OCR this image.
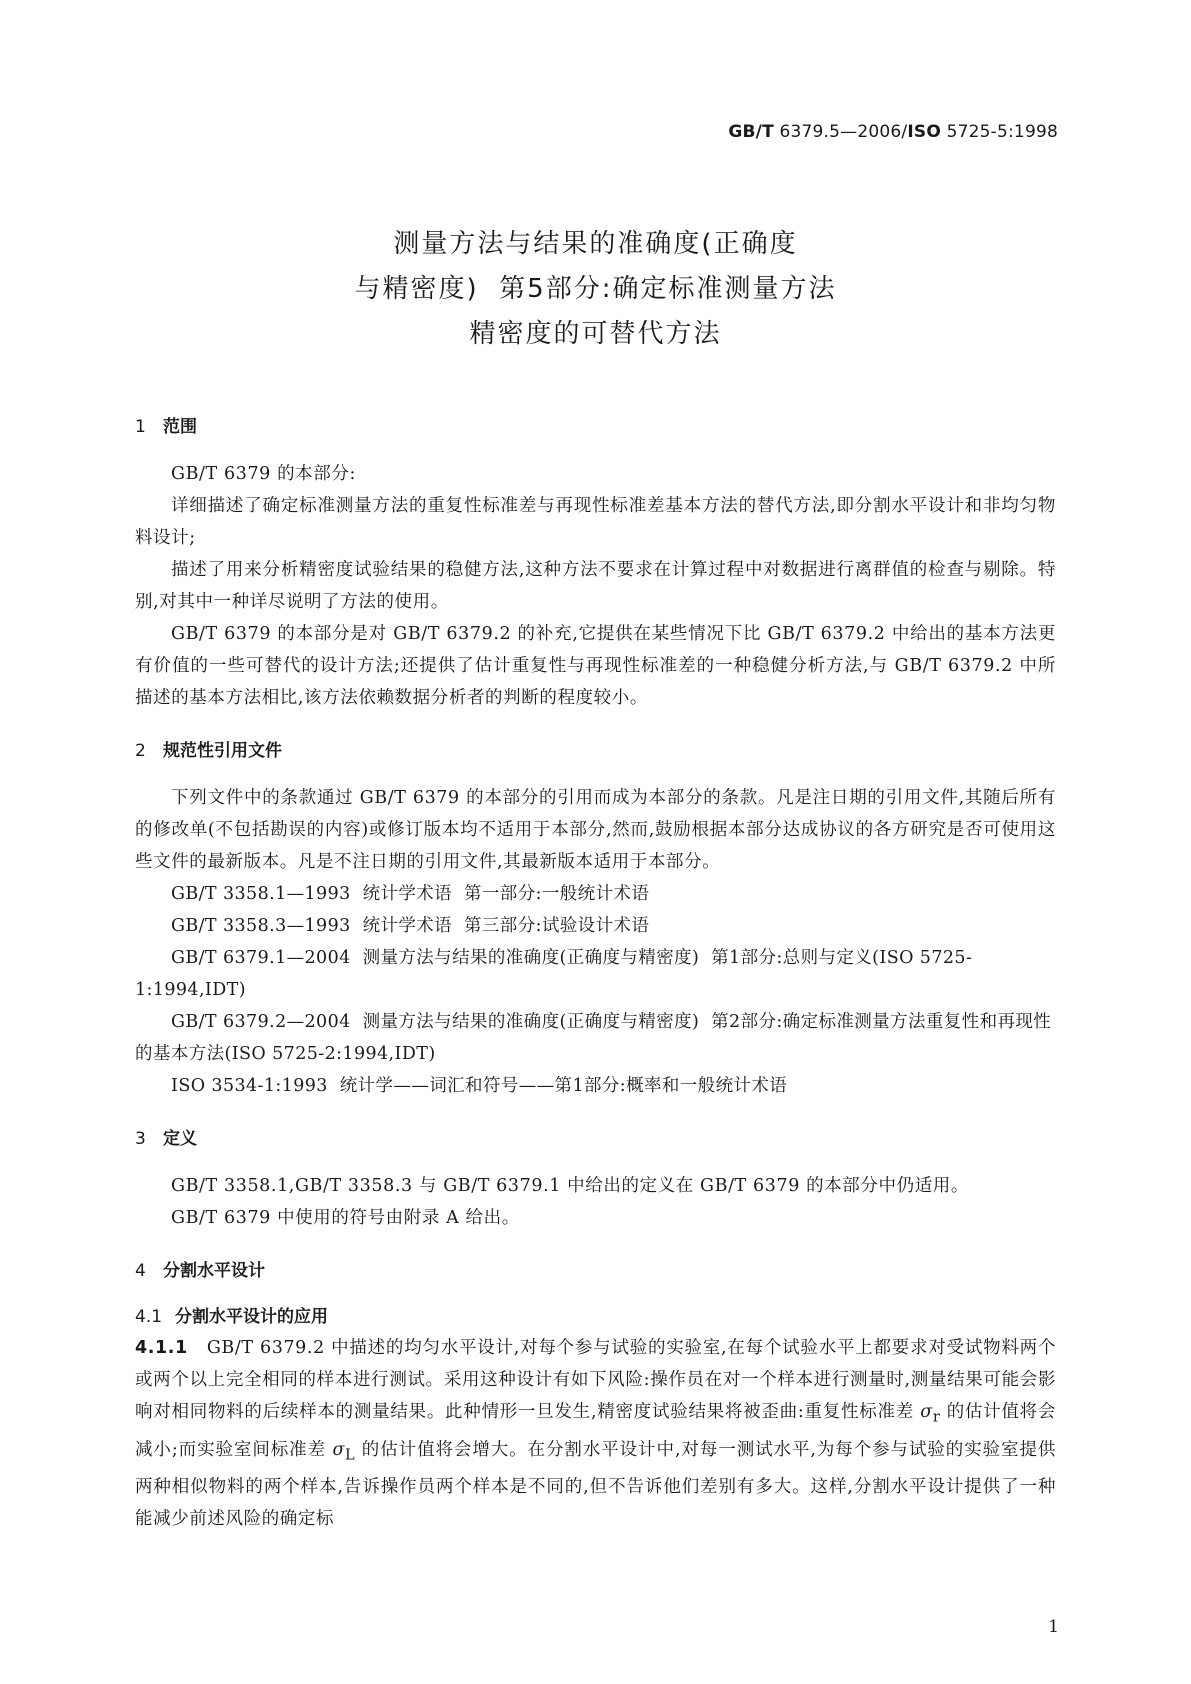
GB/T 6379.5—2006/ISO 5725-5:1998
测量方法与结果的准确度(正确度
与精密度)  第5部分:确定标准测量方法
精密度的可替代方法
1 范围

GB/T 6379 的本部分:

详细描述了确定标准测量方法的重复性标准差与再现性标准差基本方法的替代方法,即分割水平设计和非均匀物料设计;

描述了用来分析精密度试验结果的稳健方法,这种方法不要求在计算过程中对数据进行离群值的检查与剔除。特别,对其中一种详尽说明了方法的使用。

GB/T 6379 的本部分是对 GB/T 6379.2 的补充,它提供在某些情况下比 GB/T 6379.2 中给出的基本方法更有价值的一些可替代的设计方法;还提供了估计重复性与再现性标准差的一种稳健分析方法,与 GB/T 6379.2 中所描述的基本方法相比,该方法依赖数据分析者的判断的程度较小。

2 规范性引用文件

下列文件中的条款通过 GB/T 6379 的本部分的引用而成为本部分的条款。凡是注日期的引用文件,其随后所有的修改单(不包括勘误的内容)或修订版本均不适用于本部分,然而,鼓励根据本部分达成协议的各方研究是否可使用这些文件的最新版本。凡是不注日期的引用文件,其最新版本适用于本部分。

GB/T 3358.1—1993  统计学术语  第一部分:一般统计术语

GB/T 3358.3—1993  统计学术语  第三部分:试验设计术语

GB/T 6379.1—2004  测量方法与结果的准确度(正确度与精密度)  第1部分:总则与定义(ISO 5725-1:1994,IDT)

GB/T 6379.2—2004  测量方法与结果的准确度(正确度与精密度)  第2部分:确定标准测量方法重复性和再现性的基本方法(ISO 5725-2:1994,IDT)

ISO 3534-1:1993  统计学——词汇和符号——第1部分:概率和一般统计术语

3 定义

GB/T 3358.1,GB/T 3358.3 与 GB/T 6379.1 中给出的定义在 GB/T 6379 的本部分中仍适用。

GB/T 6379 中使用的符号由附录 A 给出。

4 分割水平设计
4.1 分割水平设计的应用

4.1.1 GB/T 6379.2 中描述的均匀水平设计,对每个参与试验的实验室,在每个试验水平上都要求对受试物料两个或两个以上完全相同的样本进行测试。采用这种设计有如下风险:操作员在对一个样本进行测量时,测量结果可能会影响对相同物料的后续样本的测量结果。此种情形一旦发生,精密度试验结果将被歪曲:重复性标准差 $\sigma_r$ 的估计值将会减小;而实验室间标准差 $\sigma_L$ 的估计值将会增大。在分割水平设计中,对每一测试水平,为每个参与试验的实验室提供两种相似物料的两个样本,告诉操作员两个样本是不同的,但不告诉他们差别有多大。这样,分割水平设计提供了一种能减少前述风险的确定标

1
